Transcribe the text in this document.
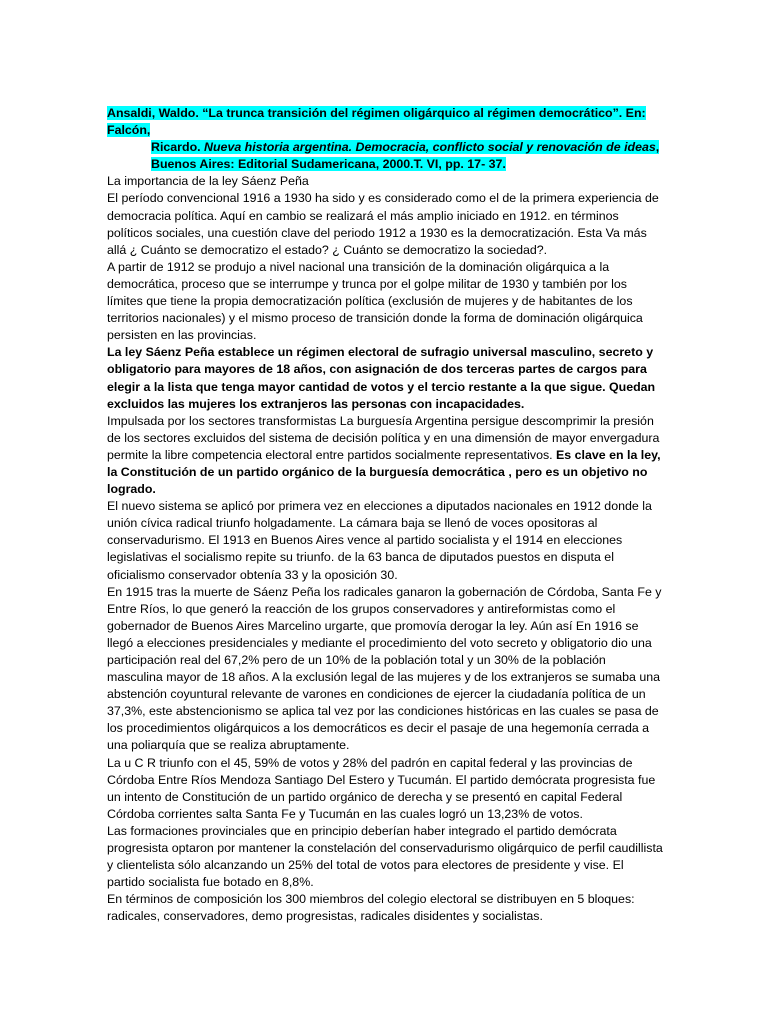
Ansaldi, Waldo. “La trunca transición del régimen oligárquico al régimen democrático”. En: Falcón,
Ricardo. Nueva historia argentina. Democracia, conflicto social y renovación de ideas, Buenos Aires: Editorial Sudamericana, 2000.T. VI, pp. 17- 37.

La importancia de la ley Sáenz Peña

El período convencional 1916 a 1930 ha sido y es considerado como el de la primera experiencia de democracia política. Aquí en cambio se realizará el más amplio iniciado en 1912. en términos políticos sociales, una cuestión clave del periodo 1912 a 1930 es la democratización. Esta Va más allá ¿ Cuánto se democratizo el estado? ¿ Cuánto se democratizo la sociedad?.

A partir de 1912 se produjo a nivel nacional una transición de la dominación oligárquica a la democrática, proceso que se interrumpe y trunca por el golpe militar de 1930 y también por los límites que tiene la propia democratización política (exclusión de mujeres y de habitantes de los territorios nacionales) y el mismo proceso de transición donde la forma de dominación oligárquica persisten en las provincias.

La ley Sáenz Peña establece un régimen electoral de sufragio universal masculino, secreto y obligatorio para mayores de 18 años, con asignación de dos terceras partes de cargos para elegir a la lista que tenga mayor cantidad de votos y el tercio restante a la que sigue. Quedan excluidos las mujeres los extranjeros las personas con incapacidades.

Impulsada por los sectores transformistas La burguesía Argentina persigue descomprimir la presión de los sectores excluidos del sistema de decisión política y en una dimensión de mayor envergadura permite la libre competencia electoral entre partidos socialmente representativos. Es clave en la ley, la Constitución de un partido orgánico de la burguesía democrática , pero es un objetivo no logrado.

El nuevo sistema se aplicó por primera vez en elecciones a diputados nacionales en 1912 donde la unión cívica radical triunfo holgadamente. La cámara baja se llenó de voces opositoras al conservadurismo. El 1913 en Buenos Aires vence al partido socialista y el 1914 en elecciones legislativas el socialismo repite su triunfo. de la 63 banca de diputados puestos en disputa el oficialismo conservador obtenía 33 y la oposición 30.

En 1915 tras la muerte de Sáenz Peña los radicales ganaron la gobernación de Córdoba, Santa Fe y Entre Ríos, lo que generó la reacción de los grupos conservadores y antireformistas como el gobernador de Buenos Aires Marcelino urgarte, que promovía derogar la ley. Aún así En 1916 se llegó a elecciones presidenciales y mediante el procedimiento del voto secreto y obligatorio dio una participación real del 67,2% pero de un 10% de la población total y un 30% de la población masculina mayor de 18 años. A la exclusión legal de las mujeres y de los extranjeros se sumaba una abstención coyuntural relevante de varones en condiciones de ejercer la ciudadanía política de un 37,3%, este abstencionismo se aplica tal vez por las condiciones históricas en las cuales se pasa de los procedimientos oligárquicos a los democráticos es decir el pasaje de una hegemonía cerrada a una poliarquía que se realiza abruptamente.

La u C R triunfo con el 45, 59% de votos y 28% del padrón en capital federal y las provincias de Córdoba Entre Ríos Mendoza Santiago Del Estero y Tucumán. El partido demócrata progresista fue un intento de Constitución de un partido orgánico de derecha y se presentó en capital Federal Córdoba corrientes salta Santa Fe y Tucumán en las cuales logró un 13,23% de votos.

Las formaciones provinciales que en principio deberían haber integrado el partido demócrata progresista optaron por mantener la constelación del conservadurismo oligárquico de perfil caudillista y clientelista sólo alcanzando un 25% del total de votos para electores de presidente y vise. El partido socialista fue botado en 8,8%.

En términos de composición los 300 miembros del colegio electoral se distribuyen en 5 bloques: radicales, conservadores, demo progresistas, radicales disidentes y socialistas.
